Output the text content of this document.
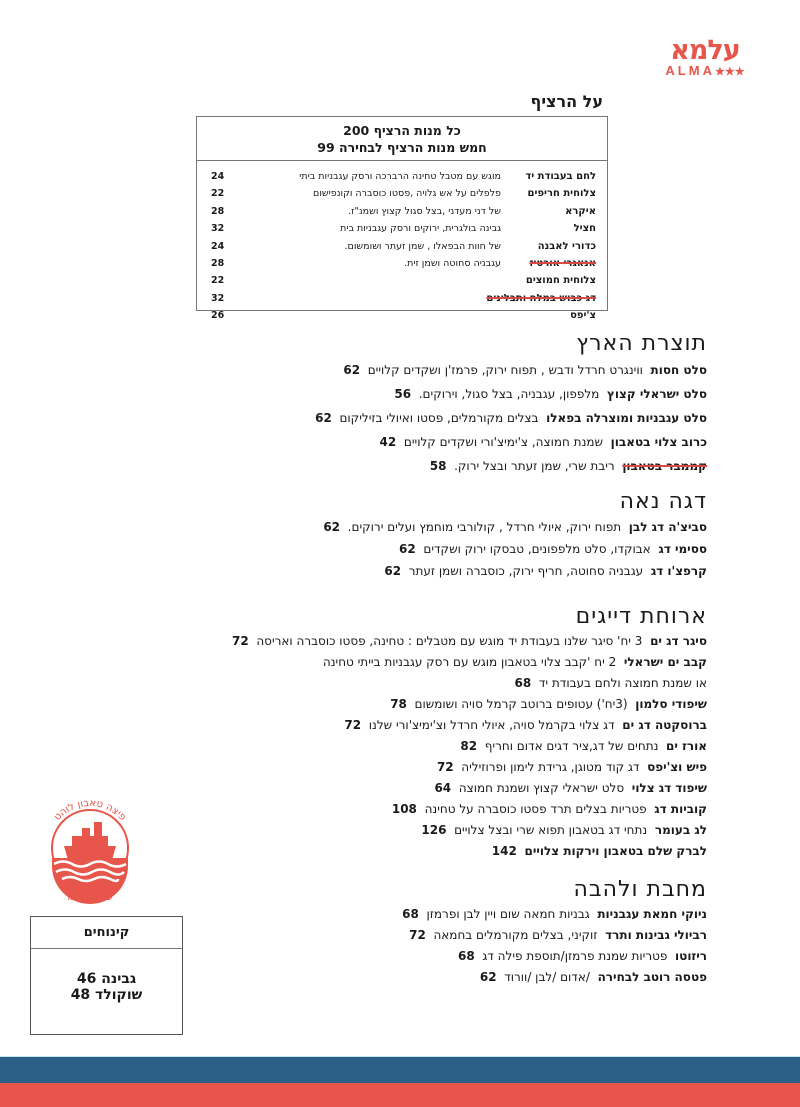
עלמא
ALMA★★★
על הרציף
כל מנות הרציף 200
חמש מנות הרציף לבחירה 99
לחם בעבודת יד
מוגש עם מטבל טחינה הרברכה ורסק עגבניות ביתי
24
צלוחית חריפים
פלפלים על אש גלויה ,פסטו כוסברה וקונפישום
22
איקרא
של דני מעדני ,בצל סגול קצוץ ושמנ"ז.
28
חציל
גבינה בולגרית, ירוקים ורסק עגבניות בית
32
כדורי לאבנה
של חוות הבפאלו , שמן זעתר ושומשום.
24
אנאגרי אורטיז
עגבניה סחוטה ושמן זית.
28
צלוחית חמוצים
22
דג כבוש במלח ותבלינים
32
צ'יפס
26
תוצרת הארץ
סלט חסות  ווינגרט חרדל ודבש , תפוח ירוק, פרמז'ן ושקדים קלויים  62
סלט ישראלי קצוץ  מלפפון, עגבניה, בצל סגול, וירוקים.  56
סלט עגבניות ומוצרלה בפאלו  בצלים מקורמלים, פסטו ואיולי בזיליקום  62
כרוב צלוי בטאבון  שמנת חמוצה, צ'ימיצ'ורי ושקדים קלויים  42
קממבר בטאבון  ריבת שרי, שמן זעתר ובצל ירוק.  58
דגה נאה
סביצ'ה דג לבן  תפוח ירוק, איולי חרדל , קולורבי מוחמץ ועלים ירוקים.  62
ססימי דג  אבוקדו, סלט מלפפונים, טבסקו ירוק ושקדים  62
קרפצ'ו דג  עגבניה סחוטה, חריף ירוק, כוסברה ושמן זעתר  62
ארוחת דייגים
סיגר דג ים  3 יח' סיגר שלנו בעבודת יד מוגש עם מטבלים : טחינה, פסטו כוסברה ואריסה  72
קבב ים ישראלי  2 יח 'קבב צלוי בטאבון מוגש עם רסק עגבניות בייתי טחינה
או שמנת חמוצה ולחם בעבודת יד  68
שיפודי סלמון  (3יח') עטופים ברוטב קרמל סויה ושומשום  78
ברוסקטה דג ים  דג צלוי בקרמל סויה, איולי חרדל וצ'ימיצ'ורי שלנו  72
אורז ים  נתחים של דג,ציר דגים אדום וחריף  82
פיש וצ'יפס  דג קוד מטוגן, גרידת לימון ופרוזיליה  72
שיפוד דג צלוי  סלט ישראלי קצוץ ושמנת חמוצה  64
קוביות דג  פטריות בצלים תרד פסטו כוסברה על טחינה  108
לג בעומר  נתחי דג בטאבון תפוא שרי ובצל צלויים  126
לברק שלם בטאבון וירקות צלויים  142
מחבת ולהבה
ניוקי חמאת עגבניות  גבניות חמאה שום ויין לבן ופרמזן  68
רביולי גבינות ותרד  זוקיני, בצלים מקורמלים בחמאה  72
ריזוטו  פטריות שמנת פרמזן/תוספת פילה דג  68
פטסה רוטב לבחירה  /אדום /לבן /וורוד  62
פיצה טאבון לוהט
שאל אותנו
קינוחים
גבינה 46
שוקולד 48
